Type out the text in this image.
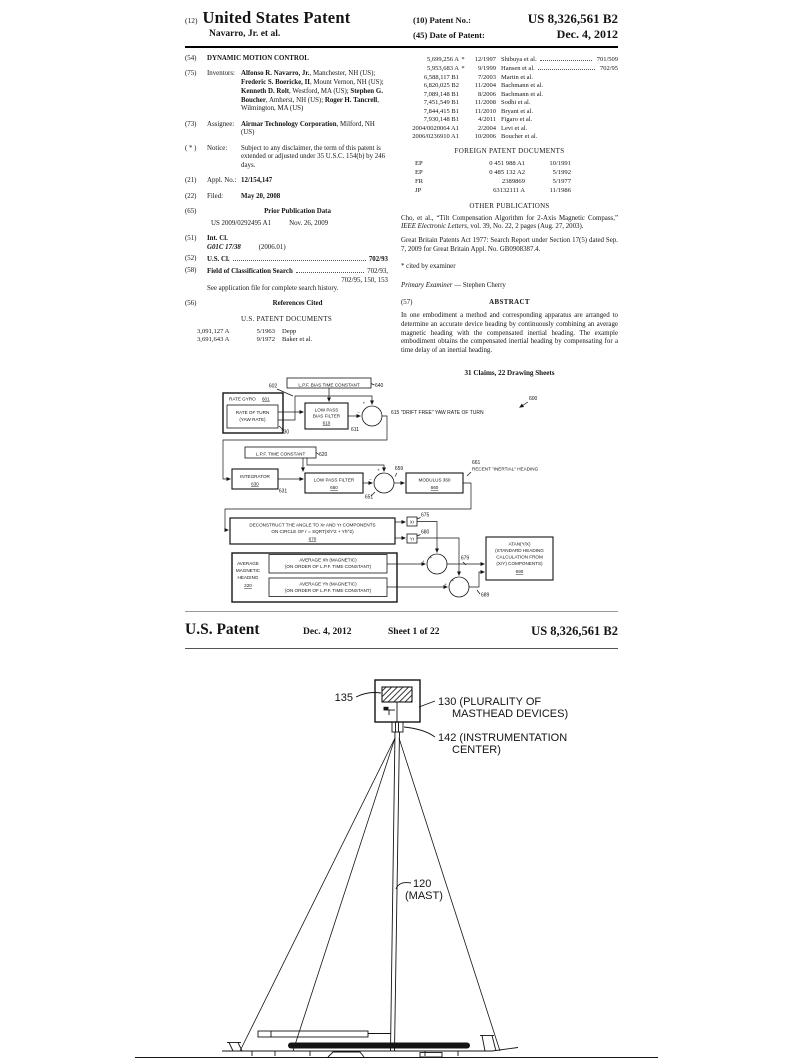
(12) United States Patent
Navarro, Jr. et al.
(10) Patent No.:	US 8,326,561 B2
(45) Date of Patent:	Dec. 4, 2012
(54)	DYNAMIC MOTION CONTROL
(75)	Inventors: Alfonso R. Navarro, Jr., Manchester, NH (US); Frederic S. Boericke, II, Mount Vernon, NH (US); Kenneth D. Rolt, Westford, MA (US); Stephen G. Boucher, Amherst, NH (US); Roger H. Tancrell, Wilmington, MA (US)
(73)	Assignee: Airmar Technology Corporation, Milford, NH (US)
( * )	Notice:	Subject to any disclaimer, the term of this patent is extended or adjusted under 35 U.S.C. 154(b) by 246 days.
(21)	Appl. No.: 12/154,147
(22)	Filed:	May 20, 2008
(65)	Prior Publication Data
US 2009/0292495 A1	Nov. 26, 2009
(51)	Int. Cl.
G01C 17/38	(2006.01)
(52)	U.S. Cl.	702/93
(58)	Field of Classification Search	702/93,
702/95, 150, 153
See application file for complete search history.
(56)	References Cited
U.S. PATENT DOCUMENTS
3,091,127 A	5/1963 Depp
3,691,643 A	9/1972 Baker et al.
5,699,256 A *	12/1997 Shibuya et al.	701/509
5,953,683 A *	9/1999 Hansen et al.	702/95
6,588,117 B1	7/2003 Martin et al.
6,820,025 B2	11/2004 Bachmann et al.
7,089,148 B1	8/2006 Bachmann et al.
7,451,549 B1	11/2008 Sodhi et al.
7,844,415 B1	11/2010 Bryant et al.
7,930,148 B1	4/2011 Figaro et al.
2004/0020064 A1	2/2004 Levi et al.
2006/0236910 A1	10/2006 Boucher et al.
FOREIGN PATENT DOCUMENTS
EP	0 451 988 A1	10/1991
EP	0 485 132 A2	5/1992
FR	2389869	5/1977
JP	63132111 A	11/1986
OTHER PUBLICATIONS
Cho, et al., “Tilt Compensation Algorithm for 2-Axis Magnetic Compass,” IEEE Electronic Letters, vol. 39, No. 22, 2 pages (Aug. 27, 2003).
Great Britain Patents Act 1977: Search Report under Section 17(5) dated Sep. 7, 2009 for Great Britain Appl. No. GB0908387.4.
* cited by examiner
Primary Examiner — Stephen Cherry
(57)	ABSTRACT
In one embodiment a method and corresponding apparatus are arranged to determine an accurate device heading by continuously combining an average magnetic heading with the compensated inertial heading. The example embodiment obtains the compensated inertial heading by compensating for a time delay of an inertial heading.
31 Claims, 22 Drawing Sheets
L.P.F. BIAS TIME CONSTANT
RATE GYRO 601
RATE OF TURN
(YAW RATE)
LOW PASS
BIAS FILTER
610
L.P.F. TIME CONSTANT
INTEGRATOR
630
LOW PASS FILTER
650
MODULUS 360
660
DECONSTRUCT THE ANGLE TO Xr AND Yr COMPONENTS
ON CIRCLE OF r = SQRT(Xh^2 + Yh^2)
670
Xr
Yr
ATAN(Y/X)
(STANDARD HEADING
CALCULATION FROM
(X/Y) COMPONENTS)
690
AVERAGE
MAGNETIC
HEADING
220
AVERAGE Xh (MAGNETIC)
(ON ORDER OF L.P.F. TIME CONSTANT)
AVERAGE Yh (MAGNETIC)
(ON ORDER OF L.P.F. TIME CONSTANT)
602	640
230	611
615 "DRIFT FREE" YAW RATE OF TURN
600
620
631
651
659
661
RECENT "INERTIAL" HEADING
675
680
679
689
+
−
+
−
+
+
+
+
U.S. Patent	Dec. 4, 2012	Sheet 1 of 22	US 8,326,561 B2
135	130 (PLURALITY OF
MASTHEAD DEVICES)
142 (INSTRUMENTATION
CENTER)
120
(MAST)
